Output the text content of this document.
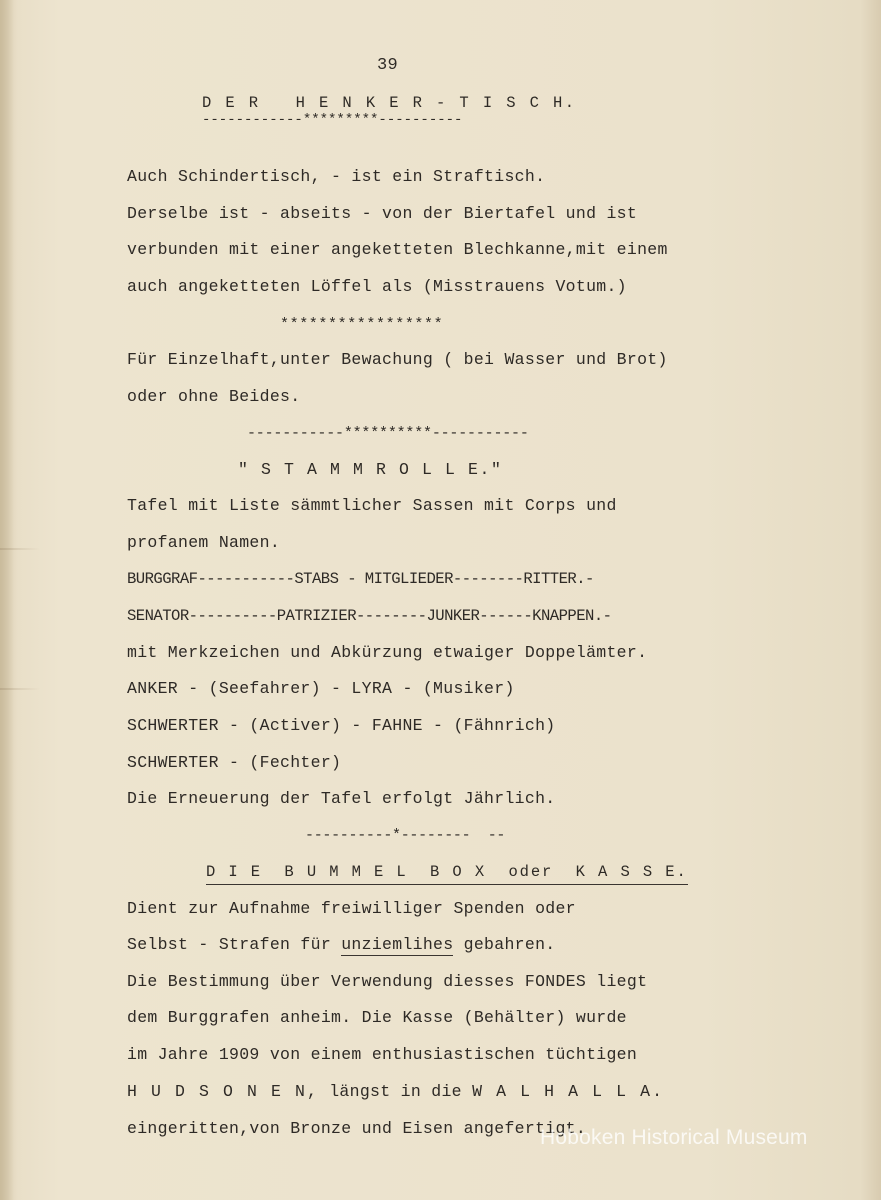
39
D E R   H E N K E R - T I S C H.
------------*********----------
Auch Schindertisch, - ist ein Straftisch.
Derselbe ist - abseits - von der Biertafel und ist
verbunden mit einer angeketteten Blechkanne,mit einem
auch angeketteten Löffel als (Misstrauens Votum.)
*****************
Für Einzelhaft,unter Bewachung ( bei Wasser und Brot)
oder ohne Beides.
-----------**********-----------
" S T A M M R O L L E."
Tafel mit Liste sämmtlicher Sassen mit Corps und
profanem Namen.
BURGGRAF-----------STABS - MITGLIEDER--------RITTER.-
SENATOR----------PATRIZIER--------JUNKER------KNAPPEN.-
mit Merkzeichen und Abkürzung etwaiger Doppelämter.
ANKER - (Seefahrer) - LYRA - (Musiker)
SCHWERTER - (Activer) - FAHNE - (Fähnrich)
SCHWERTER - (Fechter)
Die Erneuerung der Tafel erfolgt Jährlich.
----------*--------  --
D I E  B U M M E L  B O X  oder  K A S S E.
Dient zur Aufnahme freiwilliger Spenden oder
Selbst - Strafen für unziemlihes gebahren.
Die Bestimmung über Verwendung diesses FONDES liegt
dem Burggrafen anheim. Die Kasse (Behälter) wurde
im Jahre 1909 von einem enthusiastischen tüchtigen
H U D S O N E N, längst in die W A L H A L L A.
eingeritten,von Bronze und Eisen angefertigt.
Hoboken Historical Museum
